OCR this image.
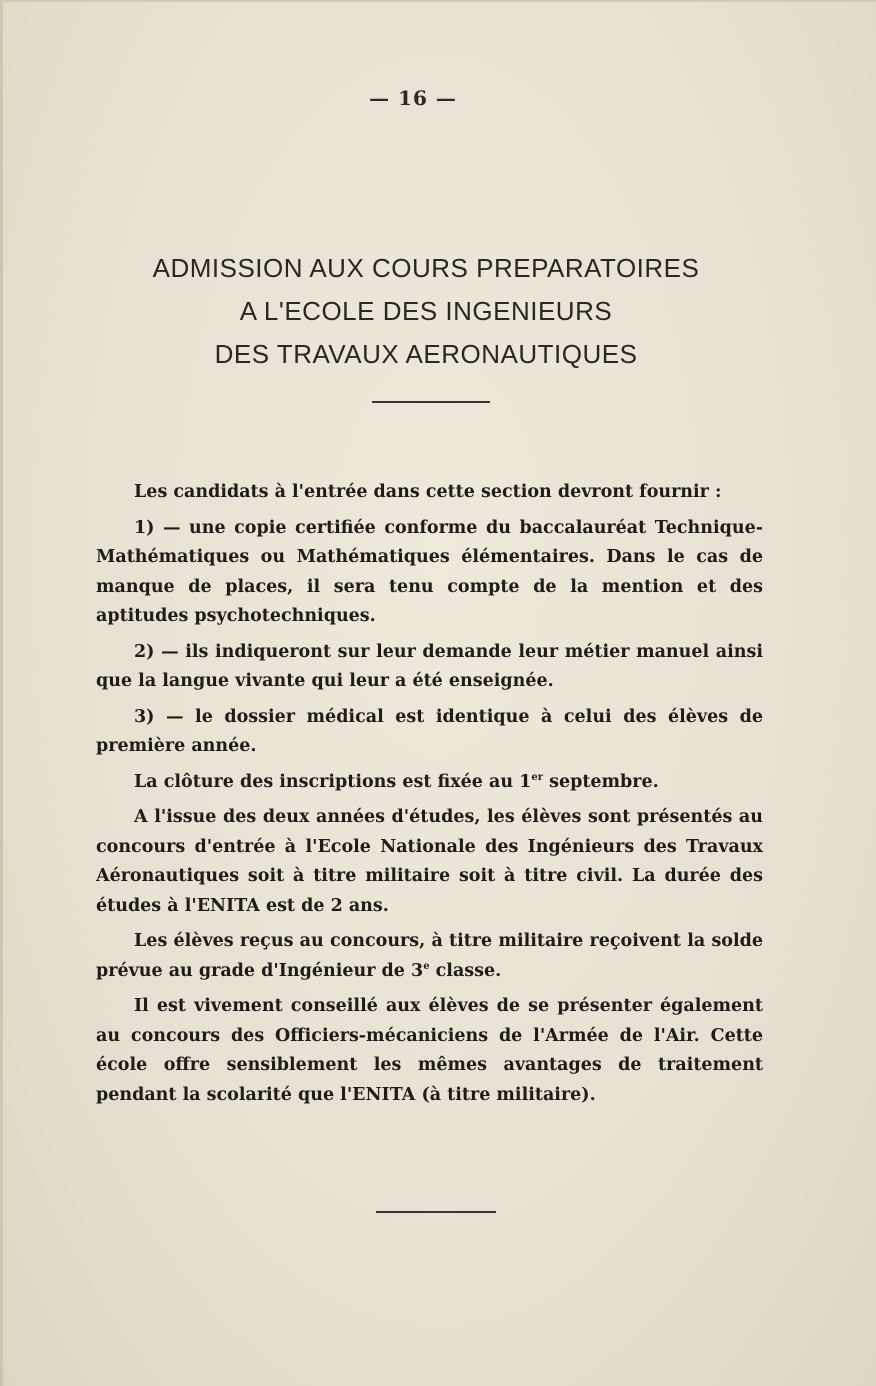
— 16 —
ADMISSION AUX COURS PREPARATOIRES
A L'ECOLE DES INGENIEURS
DES TRAVAUX AERONAUTIQUES

Les candidats à l'entrée dans cette section devront fournir :

1) — une copie certifiée conforme du baccalauréat Technique-Mathématiques ou Mathématiques élémentaires. Dans le cas de manque de places, il sera tenu compte de la mention et des aptitudes psychotechniques.

2) — ils indiqueront sur leur demande leur métier manuel ainsi que la langue vivante qui leur a été enseignée.

3) — le dossier médical est identique à celui des élèves de première année.

La clôture des inscriptions est fixée au 1er septembre.

A l'issue des deux années d'études, les élèves sont présentés au concours d'entrée à l'Ecole Nationale des Ingénieurs des Travaux Aéronautiques soit à titre militaire soit à titre civil. La durée des études à l'ENITA est de 2 ans.

Les élèves reçus au concours, à titre militaire reçoivent la solde prévue au grade d'Ingénieur de 3e classe.

Il est vivement conseillé aux élèves de se présenter également au concours des Officiers-mécaniciens de l'Armée de l'Air. Cette école offre sensiblement les mêmes avantages de traitement pendant la scolarité que l'ENITA (à titre militaire).
